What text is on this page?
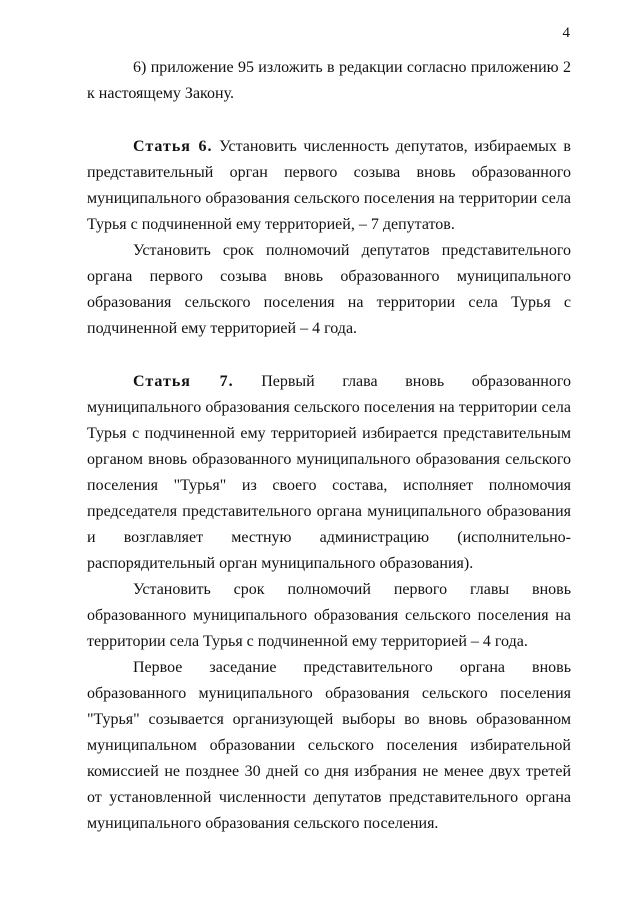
4

6) приложение 95 изложить в редакции согласно приложению 2 к настоящему Закону.

Статья 6. Установить численность депутатов, избираемых в представительный орган первого созыва вновь образованного муниципального образования сельского поселения на территории села Турья с подчиненной ему территорией, – 7 депутатов.

Установить срок полномочий депутатов представительного органа первого созыва вновь образованного муниципального образования сельского поселения на территории села Турья с подчиненной ему территорией – 4 года.

Статья 7. Первый глава вновь образованного муниципального образования сельского поселения на территории села Турья с подчиненной ему территорией избирается представительным органом вновь образованного муниципального образования сельского поселения "Турья" из своего состава, исполняет полномочия председателя представительного органа муниципального образования и возглавляет местную администрацию (исполнительно-распорядительный орган муниципального образования).

Установить срок полномочий первого главы вновь образованного муниципального образования сельского поселения на территории села Турья с подчиненной ему территорией – 4 года.

Первое заседание представительного органа вновь образованного муниципального образования сельского поселения "Турья" созывается организующей выборы во вновь образованном муниципальном образовании сельского поселения избирательной комиссией не позднее 30 дней со дня избрания не менее двух третей от установленной численности депутатов представительного органа муниципального образования сельского поселения.
